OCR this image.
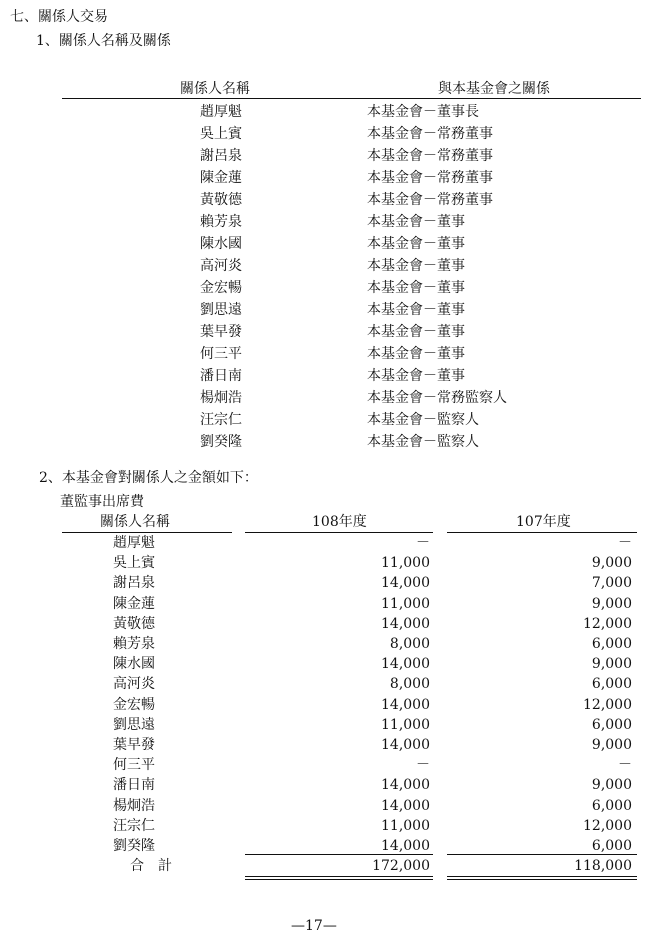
七、關係人交易
1、關係人名稱及關係
關係人名稱	與本基金會之關係
趙厚魁	本基金會－董事長
吳上賓	本基金會－常務董事
謝呂泉	本基金會－常務董事
陳金蓮	本基金會－常務董事
黃敬德	本基金會－常務董事
賴芳泉	本基金會－董事
陳水國	本基金會－董事
高河炎	本基金會－董事
金宏暢	本基金會－董事
劉思遠	本基金會－董事
葉早發	本基金會－董事
何三平	本基金會－董事
潘日南	本基金會－董事
楊炯浩	本基金會－常務監察人
汪宗仁	本基金會－監察人
劉癸隆	本基金會－監察人
2、本基金會對關係人之金額如下：
董監事出席費
關係人名稱	108年度	107年度
趙厚魁	－	－
吳上賓	11,000	9,000
謝呂泉	14,000	7,000
陳金蓮	11,000	9,000
黃敬德	14,000	12,000
賴芳泉	8,000	6,000
陳水國	14,000	9,000
高河炎	8,000	6,000
金宏暢	14,000	12,000
劉思遠	11,000	6,000
葉早發	14,000	9,000
何三平	－	－
潘日南	14,000	9,000
楊炯浩	14,000	6,000
汪宗仁	11,000	12,000
劉癸隆	14,000	6,000
合　計	172,000	118,000
—17—
